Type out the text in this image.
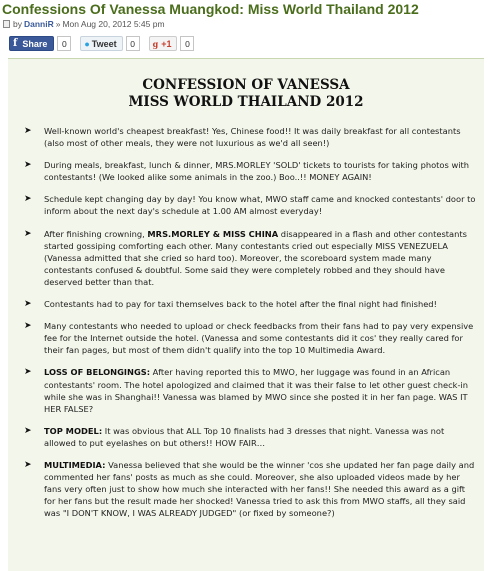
Confessions Of Vanessa Muangkod: Miss World Thailand 2012
by DanniR » Mon Aug 20, 2012 5:45 pm
f Share	0	● Tweet	0	g +1	0
CONFESSION OF VANESSA
MISS WORLD THAILAND 2012
➤ Well-known world's cheapest breakfast! Yes, Chinese food!! It was daily breakfast for all contestants (also most of other meals, they were not luxurious as we'd all seen!)
➤ During meals, breakfast, lunch & dinner, MRS.MORLEY 'SOLD' tickets to tourists for taking photos with contestants! (We looked alike some animals in the zoo.) Boo..!! MONEY AGAIN!
➤ Schedule kept changing day by day! You know what, MWO staff came and knocked contestants' door to inform about the next day's schedule at 1.00 AM almost everyday!
➤ After finishing crowning, MRS.MORLEY & MISS CHINA disappeared in a flash and other contestants started gossiping comforting each other. Many contestants cried out especially MISS VENEZUELA (Vanessa admitted that she cried so hard too). Moreover, the scoreboard system made many contestants confused & doubtful. Some said they were completely robbed and they should have deserved better than that.
➤ Contestants had to pay for taxi themselves back to the hotel after the final night had finished!
➤ Many contestants who needed to upload or check feedbacks from their fans had to pay very expensive fee for the Internet outside the hotel. (Vanessa and some contestants did it cos' they really cared for their fan pages, but most of them didn't qualify into the top 10 Multimedia Award.
➤ LOSS OF BELONGINGS: After having reported this to MWO, her luggage was found in an African contestants' room. The hotel apologized and claimed that it was their false to let other guest check-in while she was in Shanghai!! Vanessa was blamed by MWO since she posted it in her fan page. WAS IT HER FALSE?
➤ TOP MODEL: It was obvious that ALL Top 10 finalists had 3 dresses that night. Vanessa was not allowed to put eyelashes on but others!! HOW FAIR…
➤ MULTIMEDIA: Vanessa believed that she would be the winner 'cos she updated her fan page daily and commented her fans' posts as much as she could. Moreover, she also uploaded videos made by her fans very often just to show how much she interacted with her fans!! She needed this award as a gift for her fans but the result made her shocked! Vanessa tried to ask this from MWO staffs, all they said was "I DON'T KNOW, I WAS ALREADY JUDGED" (or fixed by someone?)
